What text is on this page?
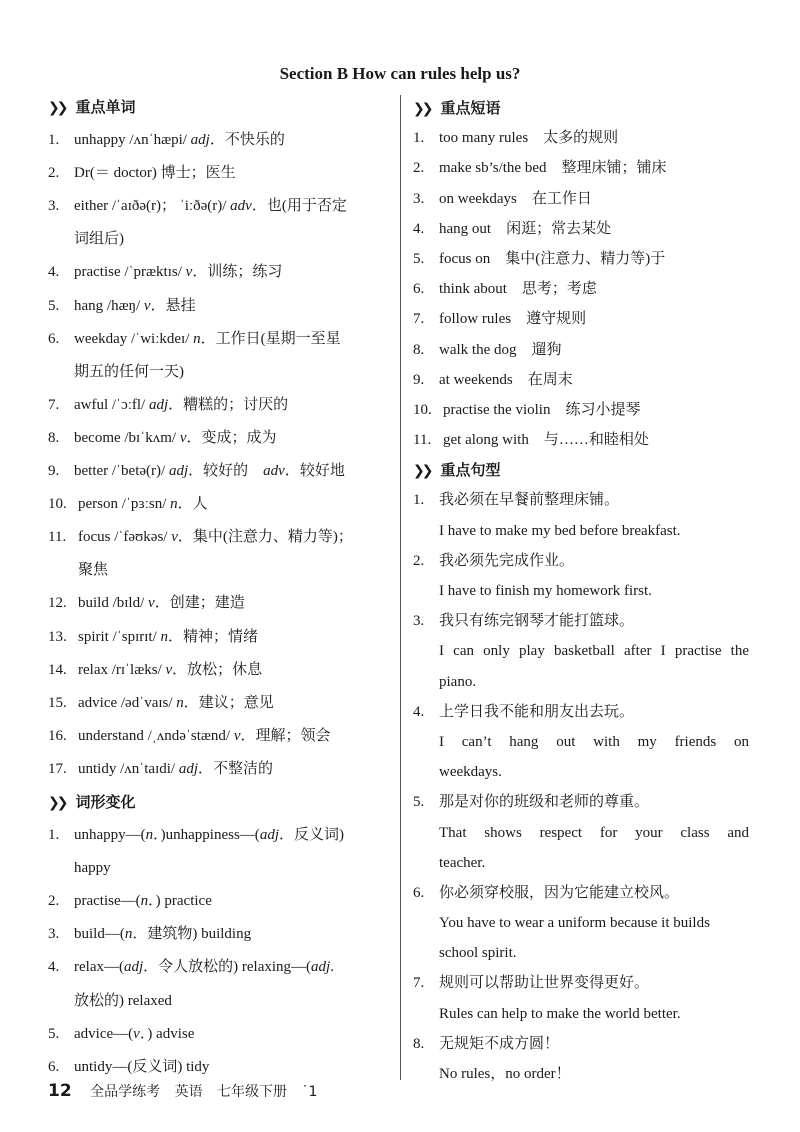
Section B How can rules help us?
❯❯ 重点单词
1. unhappy /ʌnˈhæpi/ adj．不快乐的
2. Dr(＝ doctor) 博士；医生
3. either /ˈaɪðə(r)； ˈiːðə(r)/ adv．也(用于否定
词组后)
4. practise /ˈpræktɪs/ v．训练；练习
5. hang /hæŋ/ v．悬挂
6. weekday /ˈwiːkdeɪ/ n．工作日(星期一至星
期五的任何一天)
7. awful /ˈɔːfl/ adj．糟糕的；讨厌的
8. become /bɪˈkʌm/ v．变成；成为
9. better /ˈbetə(r)/ adj．较好的　adv．较好地
10. person /ˈpɜːsn/ n．人
11. focus /ˈfəʊkəs/ v．集中(注意力、精力等)；
聚焦
12. build /bɪld/ v．创建；建造
13. spirit /ˈspɪrɪt/ n．精神；情绪
14. relax /rɪˈlæks/ v．放松；休息
15. advice /ədˈvaɪs/ n．建议；意见
16. understand /ˌʌndəˈstænd/ v．理解；领会
17. untidy /ʌnˈtaɪdi/ adj．不整洁的
❯❯ 词形变化
1. unhappy—(n．)unhappiness—(adj．反义词)
happy
2. practise—(n．) practice
3. build—(n．建筑物) building
4. relax—(adj．令人放松的) relaxing—(adj.
放松的) relaxed
5. advice—(v．) advise
6. untidy—(反义词) tidy
❯❯ 重点短语
1. too many rules　太多的规则
2. make sb’s/the bed　整理床铺；铺床
3. on weekdays　在工作日
4. hang out　闲逛；常去某处
5. focus on　集中(注意力、精力等)于
6. think about　思考；考虑
7. follow rules　遵守规则
8. walk the dog　遛狗
9. at weekends　在周末
10. practise the violin　练习小提琴
11. get along with　与……和睦相处
❯❯ 重点句型
1. 我必须在早餐前整理床铺。
I have to make my bed before breakfast.
2. 我必须先完成作业。
I have to finish my homework first.
3. 我只有练完钢琴才能打篮球。
I can only play basketball after I practise the
piano.
4. 上学日我不能和朋友出去玩。
I can’t hang out with my friends on
weekdays.
5. 那是对你的班级和老师的尊重。
That shows respect for your class and
teacher.
6. 你必须穿校服，因为它能建立校风。
You have to wear a uniform because it builds
school spirit.
7. 规则可以帮助让世界变得更好。
Rules can help to make the world better.
8. 无规矩不成方圆！
No rules，no order！
12 全品学练考 英语 七年级下册 ˙1
